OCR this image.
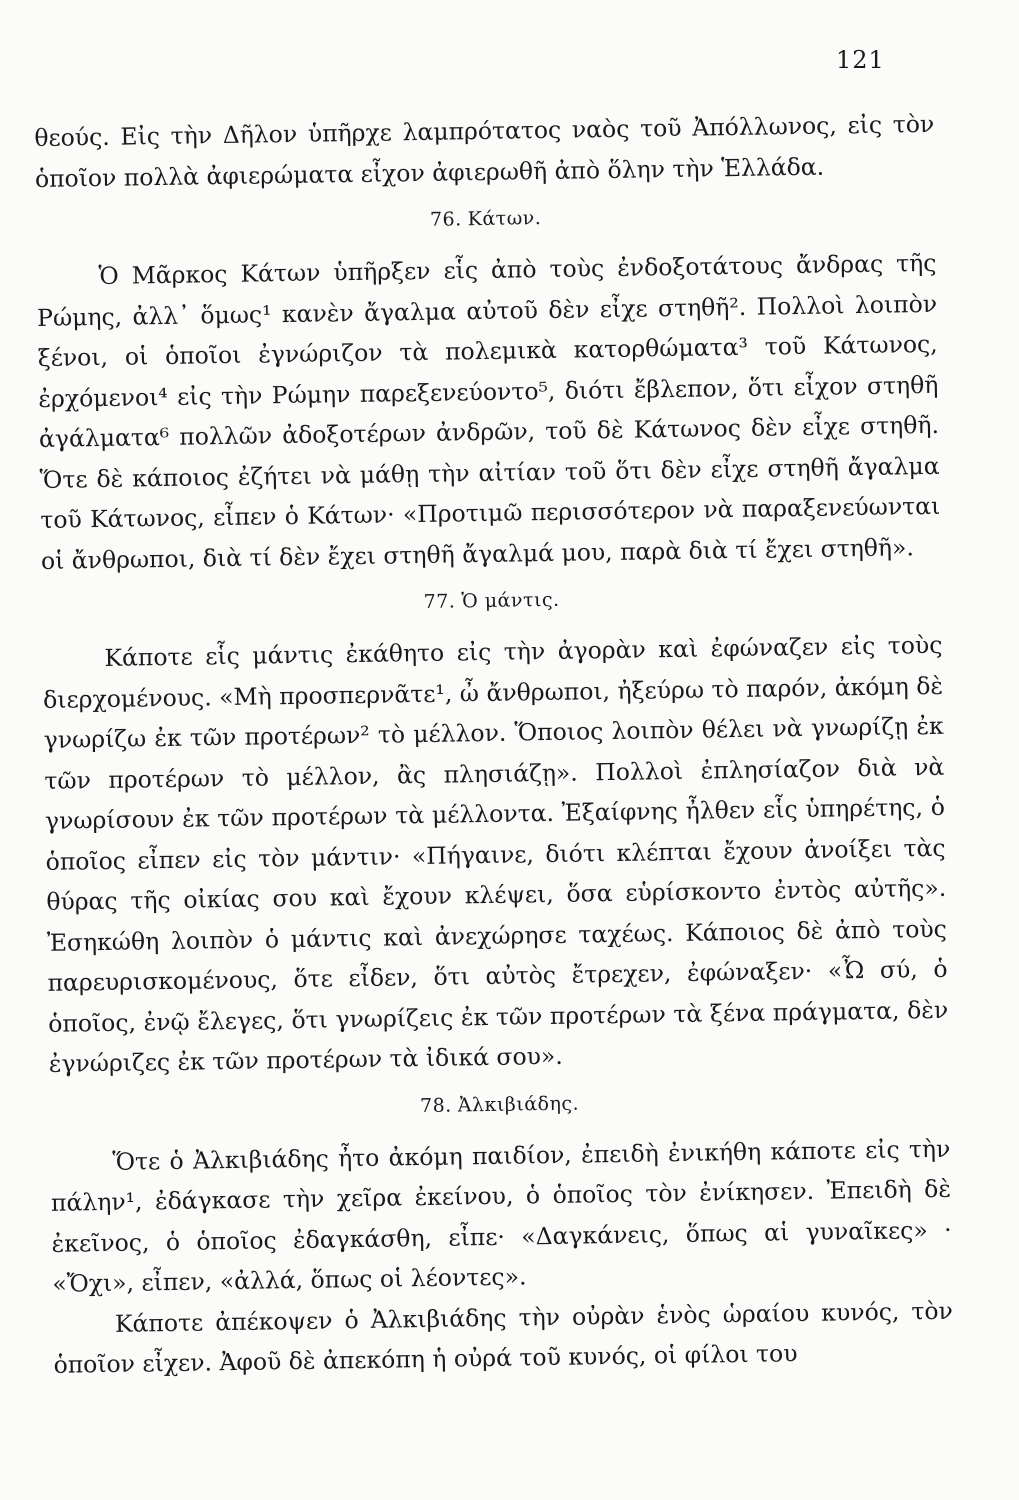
121

θεούς. Εἰς τὴν Δῆλον ὑπῆρχε λαμπρότατος ναὸς τοῦ Ἀπόλλωνος, εἰς τὸν ὁποῖον πολλὰ ἀφιερώματα εἶχον ἀφιερωθῆ ἀπὸ ὅλην τὴν Ἑλλάδα.

76. Κάτων.

Ὁ Μᾶρκος Κάτων ὑπῆρξεν εἷς ἀπὸ τοὺς ἐνδοξοτάτους ἄνδρας τῆς Ρώμης, ἀλλ᾿ ὅμως¹ κανὲν ἄγαλμα αὐτοῦ δὲν εἶχε στηθῆ². Πολλοὶ λοιπὸν ξένοι, οἱ ὁποῖοι ἐγνώριζον τὰ πολεμικὰ κατορθώματα³ τοῦ Κάτωνος, ἐρχόμενοι⁴ εἰς τὴν Ρώμην παρεξενεύοντο⁵, διότι ἔβλεπον, ὅτι εἶχον στηθῆ ἀγάλματα⁶ πολλῶν ἀδοξοτέρων ἀνδρῶν, τοῦ δὲ Κάτωνος δὲν εἶχε στηθῆ. Ὅτε δὲ κάποιος ἐζήτει νὰ μάθῃ τὴν αἰτίαν τοῦ ὅτι δὲν εἶχε στηθῆ ἄγαλμα τοῦ Κάτωνος, εἶπεν ὁ Κάτων· «Προτιμῶ περισσότερον νὰ παραξενεύωνται οἱ ἄνθρωποι, διὰ τί δὲν ἔχει στηθῆ ἄγαλμά μου, παρὰ διὰ τί ἔχει στηθῆ».

77. Ὁ μάντις.

Κάποτε εἷς μάντις ἐκάθητο εἰς τὴν ἀγορὰν καὶ ἐφώναζεν εἰς τοὺς διερχομένους. «Μὴ προσπερνᾶτε¹, ὦ ἄνθρωποι, ἠξεύρω τὸ παρόν, ἀκόμη δὲ γνωρίζω ἐκ τῶν προτέρων² τὸ μέλλον. Ὅποιος λοιπὸν θέλει νὰ γνωρίζῃ ἐκ τῶν προτέρων τὸ μέλλον, ἂς πλησιάζῃ». Πολλοὶ ἐπλησίαζον διὰ νὰ γνωρίσουν ἐκ τῶν προτέρων τὰ μέλλοντα. Ἐξαίφνης ἦλθεν εἷς ὑπηρέτης, ὁ ὁποῖος εἶπεν εἰς τὸν μάντιν· «Πήγαινε, διότι κλέπται ἔχουν ἀνοίξει τὰς θύρας τῆς οἰκίας σου καὶ ἔχουν κλέψει, ὅσα εὑρίσκοντο ἐντὸς αὐτῆς». Ἐσηκώθη λοιπὸν ὁ μάντις καὶ ἀνεχώρησε ταχέως. Κάποιος δὲ ἀπὸ τοὺς παρευρισκομένους, ὅτε εἶδεν, ὅτι αὐτὸς ἔτρεχεν, ἐφώναξεν· «Ὦ σύ, ὁ ὁποῖος, ἐνῷ ἔλεγες, ὅτι γνωρίζεις ἐκ τῶν προτέρων τὰ ξένα πράγματα, δὲν ἐγνώριζες ἐκ τῶν προτέρων τὰ ἰδικά σου».

78. Ἀλκιβιάδης.

Ὅτε ὁ Ἀλκιβιάδης ἦτο ἀκόμη παιδίον, ἐπειδὴ ἐνικήθη κάποτε εἰς τὴν πάλην¹, ἐδάγκασε τὴν χεῖρα ἐκείνου, ὁ ὁποῖος τὸν ἐνίκησεν. Ἐπειδὴ δὲ ἐκεῖνος, ὁ ὁποῖος ἐδαγκάσθη, εἶπε· «Δαγκάνεις, ὅπως αἱ γυναῖκες» · «Ὄχι», εἶπεν, «ἀλλά, ὅπως οἱ λέοντες».

Κάποτε ἀπέκοψεν ὁ Ἀλκιβιάδης τὴν οὐρὰν ἑνὸς ὡραίου κυνός, τὸν ὁποῖον εἶχεν. Ἀφοῦ δὲ ἀπεκόπη ἡ οὐρά τοῦ κυνός, οἱ φίλοι του
